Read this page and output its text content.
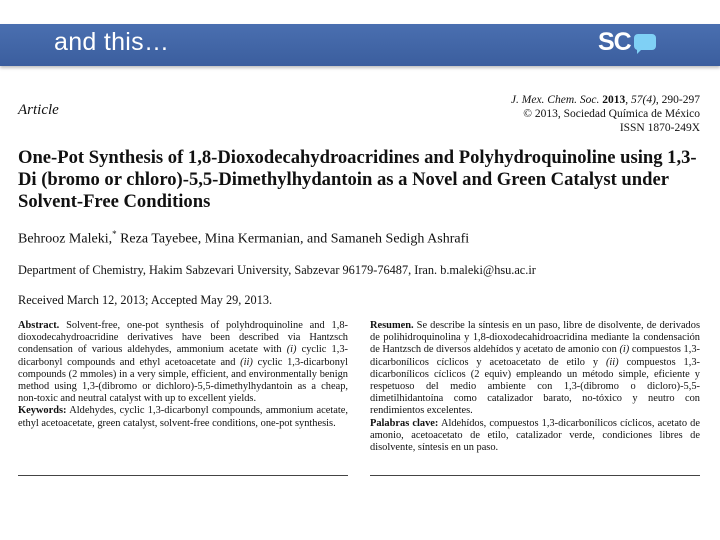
and this…	SC
Article
J. Mex. Chem. Soc. 2013, 57(4), 290-297
© 2013, Sociedad Química de México
ISSN 1870-249X
One-Pot Synthesis of 1,8-Dioxodecahydroacridines and Polyhydroquinoline using 1,3-Di (bromo or chloro)-5,5-Dimethylhydantoin as a Novel and Green Catalyst under Solvent-Free Conditions
Behrooz Maleki,* Reza Tayebee, Mina Kermanian, and Samaneh Sedigh Ashrafi
Department of Chemistry, Hakim Sabzevari University, Sabzevar 96179-76487, Iran. b.maleki@hsu.ac.ir
Received March 12, 2013; Accepted May 29, 2013.
Abstract. Solvent-free, one-pot synthesis of polyhdroquinoline and 1,8-dioxodecahydroacridine derivatives have been described via Hantzsch condensation of various aldehydes, ammonium acetate with (i) cyclic 1,3-dicarbonyl compounds and ethyl acetoacetate and (ii) cyclic 1,3-dicarbonyl compounds (2 mmoles) in a very simple, efficient, and environmentally benign method using 1,3-(dibromo or dichloro)-5,5-dimethylhydantoin as a cheap, non-toxic and neutral catalyst with up to excellent yields.
Keywords: Aldehydes, cyclic 1,3-dicarbonyl compounds, ammonium acetate, ethyl acetoacetate, green catalyst, solvent-free conditions, one-pot synthesis.
Resumen. Se describe la síntesis en un paso, libre de disolvente, de derivados de polihidroquinolina y 1,8-dioxodecahidroacridina mediante la condensación de Hantzsch de diversos aldehídos y acetato de amonio con (i) compuestos 1,3-dicarbonílicos cíclicos y acetoacetato de etilo y (ii) compuestos 1,3-dicarbonílicos cíclicos (2 equiv) empleando un método simple, eficiente y respetuoso del medio ambiente con 1,3-(dibromo o dicloro)-5,5-dimetilhidantoína como catalizador barato, no-tóxico y neutro con rendimientos excelentes.
Palabras clave: Aldehídos, compuestos 1,3-dicarbonílicos cíclicos, acetato de amonio, acetoacetato de etilo, catalizador verde, condiciones libres de disolvente, síntesis en un paso.
